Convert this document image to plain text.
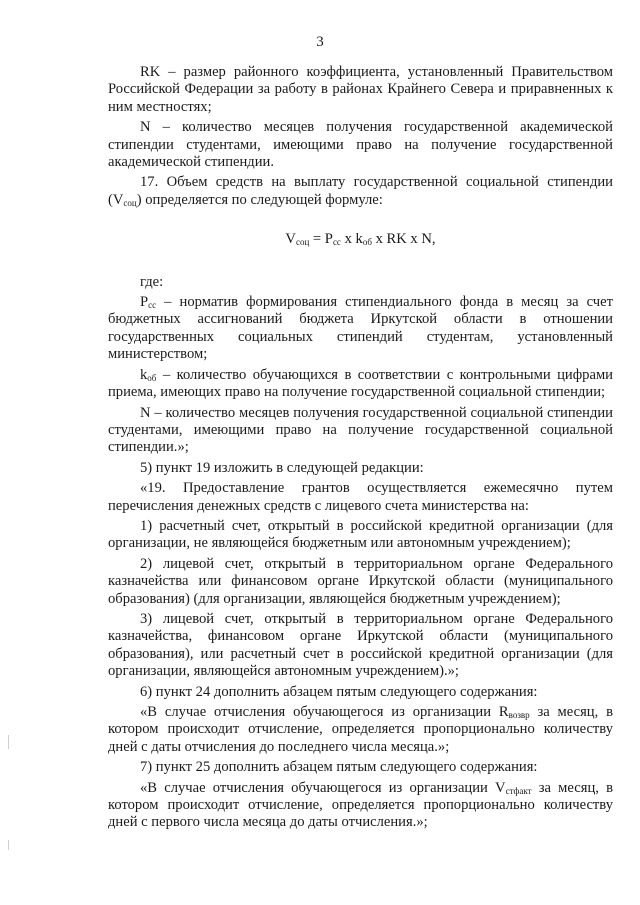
3

RK – размер районного коэффициента, установленный Правительством Российской Федерации за работу в районах Крайнего Севера и приравненных к ним местностях;

N – количество месяцев получения государственной академической стипендии студентами, имеющими право на получение государственной академической стипендии.

17. Объем средств на выплату государственной социальной стипендии $(V_{соц})$ определяется по следующей формуле:

$V_{соц} = P_{сс}$ x $k_{об}$ x RK x N,

где:

$P_{сс}$ – норматив формирования стипендиального фонда в месяц за счет бюджетных ассигнований бюджета Иркутской области в отношении государственных социальных стипендий студентам, установленный министерством;

$k_{об}$ – количество обучающихся в соответствии с контрольными цифрами приема, имеющих право на получение государственной социальной стипендии;

N – количество месяцев получения государственной социальной стипендии студентами, имеющими право на получение государственной социальной стипендии.»;

5) пункт 19 изложить в следующей редакции:

«19. Предоставление грантов осуществляется ежемесячно путем перечисления денежных средств с лицевого счета министерства на:

1) расчетный счет, открытый в российской кредитной организации (для организации, не являющейся бюджетным или автономным учреждением);

2) лицевой счет, открытый в территориальном органе Федерального казначейства или финансовом органе Иркутской области (муниципального образования) (для организации, являющейся бюджетным учреждением);

3) лицевой счет, открытый в территориальном органе Федерального казначейства, финансовом органе Иркутской области (муниципального образования), или расчетный счет в российской кредитной организации (для организации, являющейся автономным учреждением).»;

6) пункт 24 дополнить абзацем пятым следующего содержания:

«В случае отчисления обучающегося из организации $R_{возвр}$ за месяц, в котором происходит отчисление, определяется пропорционально количеству дней с даты отчисления до последнего числа месяца.»;

7) пункт 25 дополнить абзацем пятым следующего содержания:

«В случае отчисления обучающегося из организации $V_{стфакт}$ за месяц, в котором происходит отчисление, определяется пропорционально количеству дней с первого числа месяца до даты отчисления.»;
